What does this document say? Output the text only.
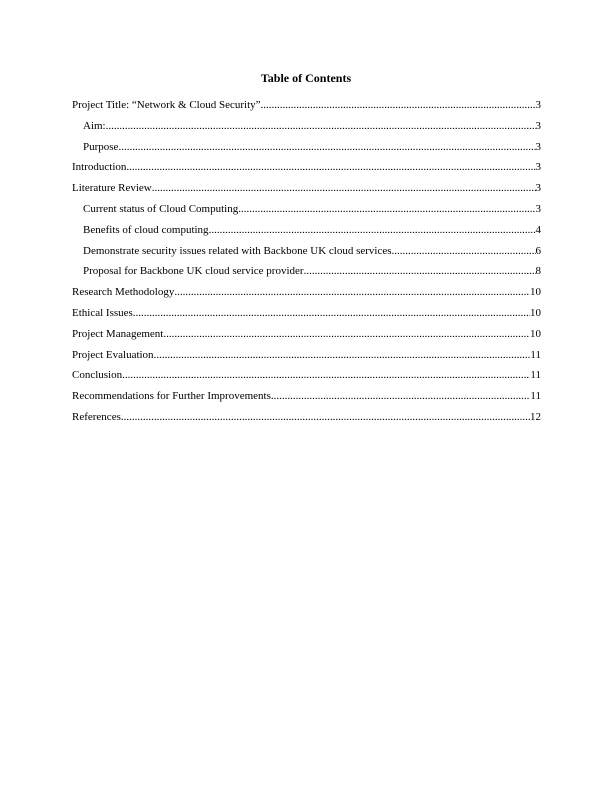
Table of Contents
Project Title: “Network & Cloud Security” .....	3
Aim: .....	3
Purpose .....	3
Introduction .....	3
Literature Review .....	3
Current status of Cloud Computing .....	3
Benefits of cloud computing .....	4
Demonstrate security issues related with Backbone UK cloud services .....	6
Proposal for Backbone UK cloud service provider .....	8
Research Methodology .....	10
Ethical Issues .....	10
Project Management .....	10
Project Evaluation .....	11
Conclusion .....	11
Recommendations for Further Improvements .....	11
References .....	12
